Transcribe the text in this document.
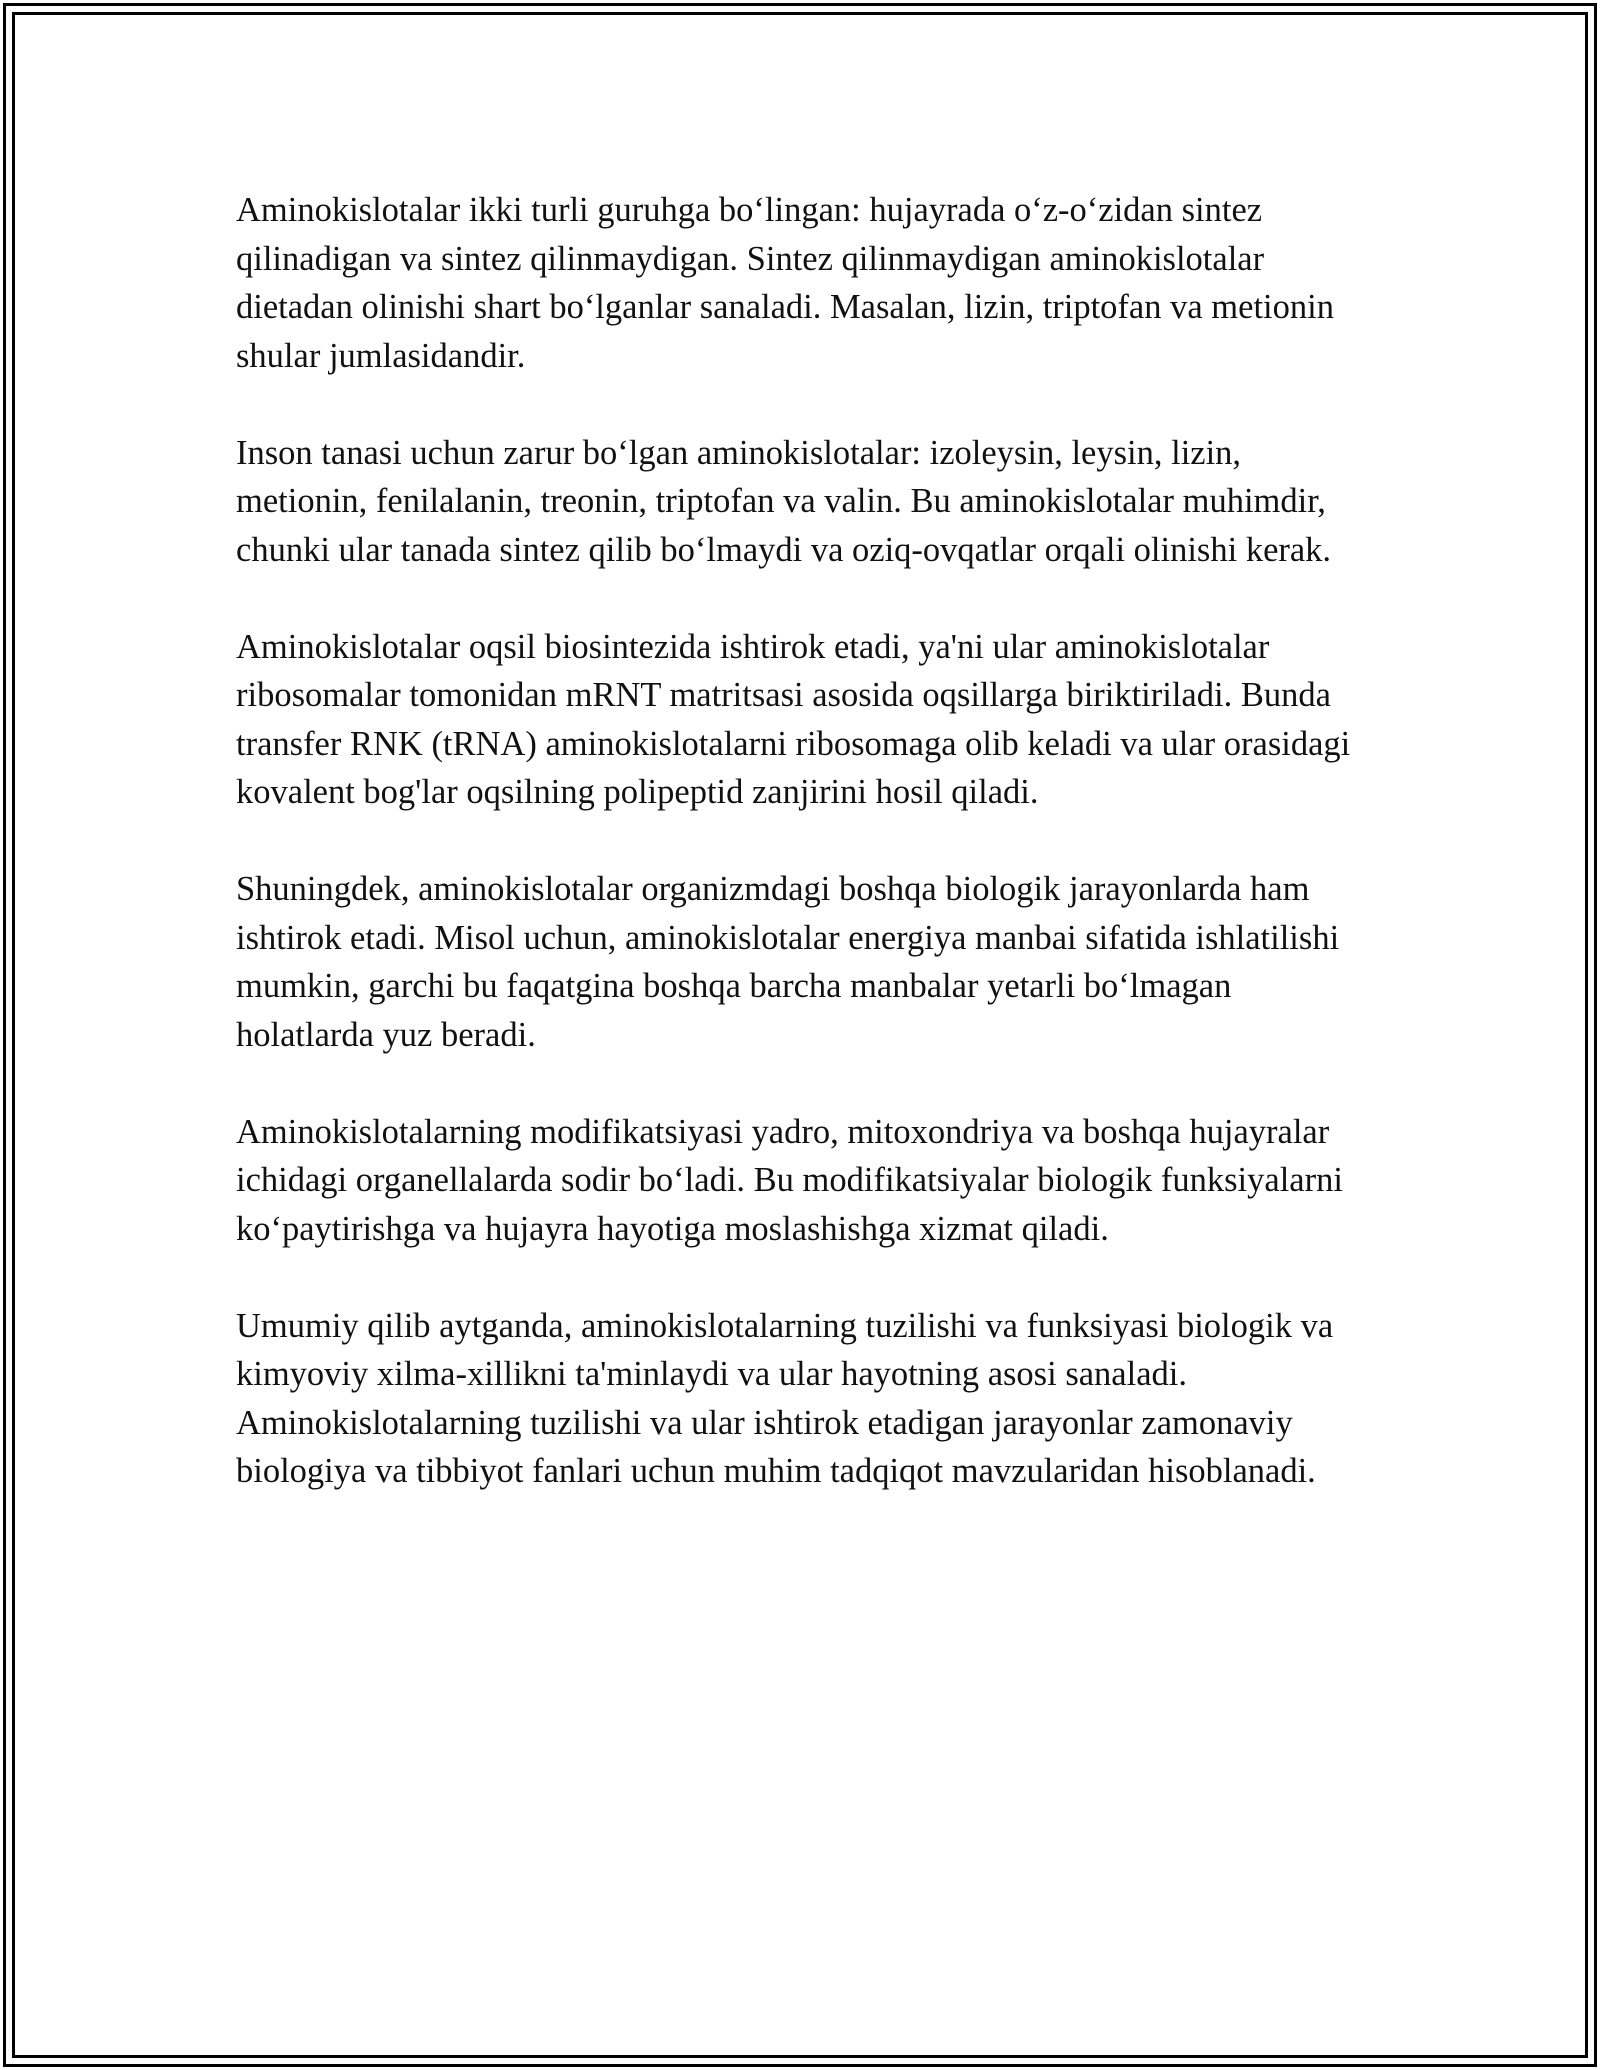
Aminokislotalar ikki turli guruhga bo‘lingan: hujayrada o‘z-o‘zidan sintez qilinadigan va sintez qilinmaydigan. Sintez qilinmaydigan aminokislotalar dietadan olinishi shart bo‘lganlar sanaladi. Masalan, lizin, triptofan va metionin shular jumlasidandir.

Inson tanasi uchun zarur bo‘lgan aminokislotalar: izoleysin, leysin, lizin, metionin, fenilalanin, treonin, triptofan va valin. Bu aminokislotalar muhimdir, chunki ular tanada sintez qilib bo‘lmaydi va oziq-ovqatlar orqali olinishi kerak.

Aminokislotalar oqsil biosintezida ishtirok etadi, ya'ni ular aminokislotalar ribosomalar tomonidan mRNT matritsasi asosida oqsillarga biriktiriladi. Bunda transfer RNK (tRNA) aminokislotalarni ribosomaga olib keladi va ular orasidagi kovalent bog'lar oqsilning polipeptid zanjirini hosil qiladi.

Shuningdek, aminokislotalar organizmdagi boshqa biologik jarayonlarda ham ishtirok etadi. Misol uchun, aminokislotalar energiya manbai sifatida ishlatilishi mumkin, garchi bu faqatgina boshqa barcha manbalar yetarli bo‘lmagan holatlarda yuz beradi.

Aminokislotalarning modifikatsiyasi yadro, mitoxondriya va boshqa hujayralar ichidagi organellalarda sodir bo‘ladi. Bu modifikatsiyalar biologik funksiyalarni ko‘paytirishga va hujayra hayotiga moslashishga xizmat qiladi.

Umumiy qilib aytganda, aminokislotalarning tuzilishi va funksiyasi biologik va kimyoviy xilma-xillikni ta'minlaydi va ular hayotning asosi sanaladi. Aminokislotalarning tuzilishi va ular ishtirok etadigan jarayonlar zamonaviy biologiya va tibbiyot fanlari uchun muhim tadqiqot mavzularidan hisoblanadi.
